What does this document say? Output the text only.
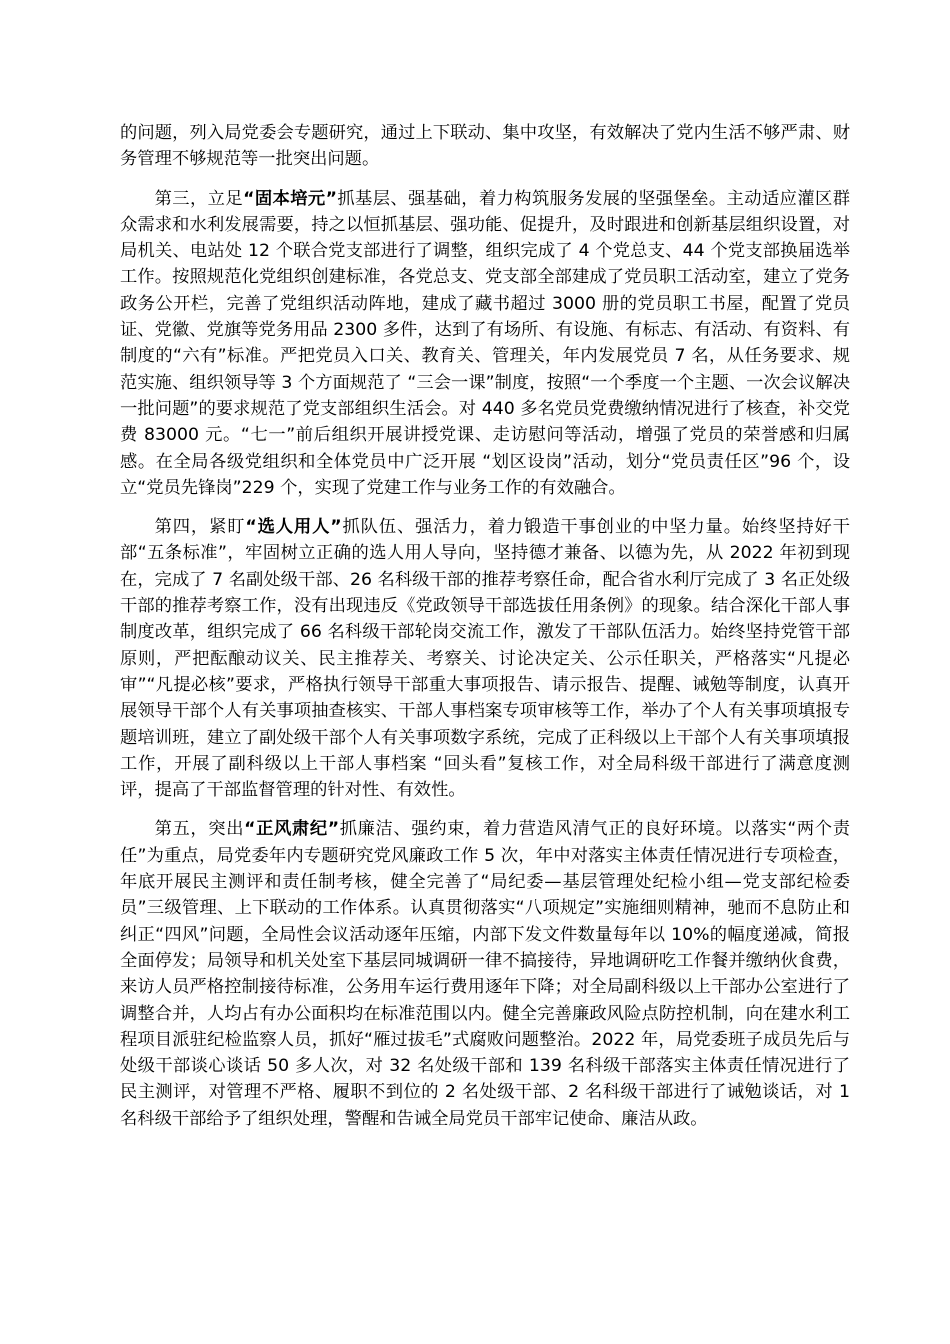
的问题，列入局党委会专题研究，通过上下联动、集中攻坚，有效解决了党内生活不够严肃、财务管理不够规范等一批突出问题。

第三，立足“固本培元”抓基层、强基础，着力构筑服务发展的坚强堡垒。主动适应灌区群众需求和水利发展需要，持之以恒抓基层、强功能、促提升，及时跟进和创新基层组织设置，对局机关、电站处 12 个联合党支部进行了调整，组织完成了 4 个党总支、44 个党支部换届选举工作。按照规范化党组织创建标准，各党总支、党支部全部建成了党员职工活动室，建立了党务政务公开栏，完善了党组织活动阵地，建成了藏书超过 3000 册的党员职工书屋，配置了党员证、党徽、党旗等党务用品 2300 多件，达到了有场所、有设施、有标志、有活动、有资料、有制度的“六有”标准。严把党员入口关、教育关、管理关，年内发展党员 7 名，从任务要求、规范实施、组织领导等 3 个方面规范了 “三会一课”制度，按照“一个季度一个主题、一次会议解决一批问题”的要求规范了党支部组织生活会。对 440 多名党员党费缴纳情况进行了核查，补交党费 83000 元。“七一”前后组织开展讲授党课、走访慰问等活动，增强了党员的荣誉感和归属感。在全局各级党组织和全体党员中广泛开展 “划区设岗”活动，划分“党员责任区”96 个，设立“党员先锋岗”229 个，实现了党建工作与业务工作的有效融合。

第四，紧盯“选人用人”抓队伍、强活力，着力锻造干事创业的中坚力量。始终坚持好干部“五条标准”，牢固树立正确的选人用人导向，坚持德才兼备、以德为先，从 2022 年初到现在，完成了 7 名副处级干部、26 名科级干部的推荐考察任命，配合省水利厅完成了 3 名正处级干部的推荐考察工作，没有出现违反《党政领导干部选拔任用条例》的现象。结合深化干部人事制度改革，组织完成了 66 名科级干部轮岗交流工作，激发了干部队伍活力。始终坚持党管干部原则，严把酝酿动议关、民主推荐关、考察关、讨论决定关、公示任职关，严格落实“凡提必审”“凡提必核”要求，严格执行领导干部重大事项报告、请示报告、提醒、诫勉等制度，认真开展领导干部个人有关事项抽查核实、干部人事档案专项审核等工作，举办了个人有关事项填报专题培训班，建立了副处级干部个人有关事项数字系统，完成了正科级以上干部个人有关事项填报工作，开展了副科级以上干部人事档案 “回头看”复核工作，对全局科级干部进行了满意度测评，提高了干部监督管理的针对性、有效性。

第五，突出“正风肃纪”抓廉洁、强约束，着力营造风清气正的良好环境。以落实“两个责任”为重点，局党委年内专题研究党风廉政工作 5 次，年中对落实主体责任情况进行专项检查，年底开展民主测评和责任制考核，健全完善了“局纪委—基层管理处纪检小组—党支部纪检委员”三级管理、上下联动的工作体系。认真贯彻落实“八项规定”实施细则精神，驰而不息防止和纠正“四风”问题，全局性会议活动逐年压缩，内部下发文件数量每年以 10%的幅度递减，简报全面停发；局领导和机关处室下基层同城调研一律不搞接待，异地调研吃工作餐并缴纳伙食费，来访人员严格控制接待标准，公务用车运行费用逐年下降；对全局副科级以上干部办公室进行了调整合并，人均占有办公面积均在标准范围以内。健全完善廉政风险点防控机制，向在建水利工程项目派驻纪检监察人员，抓好“雁过拔毛”式腐败问题整治。2022 年，局党委班子成员先后与处级干部谈心谈话 50 多人次，对 32 名处级干部和 139 名科级干部落实主体责任情况进行了民主测评，对管理不严格、履职不到位的 2 名处级干部、2 名科级干部进行了诫勉谈话，对 1 名科级干部给予了组织处理，警醒和告诫全局党员干部牢记使命、廉洁从政。
